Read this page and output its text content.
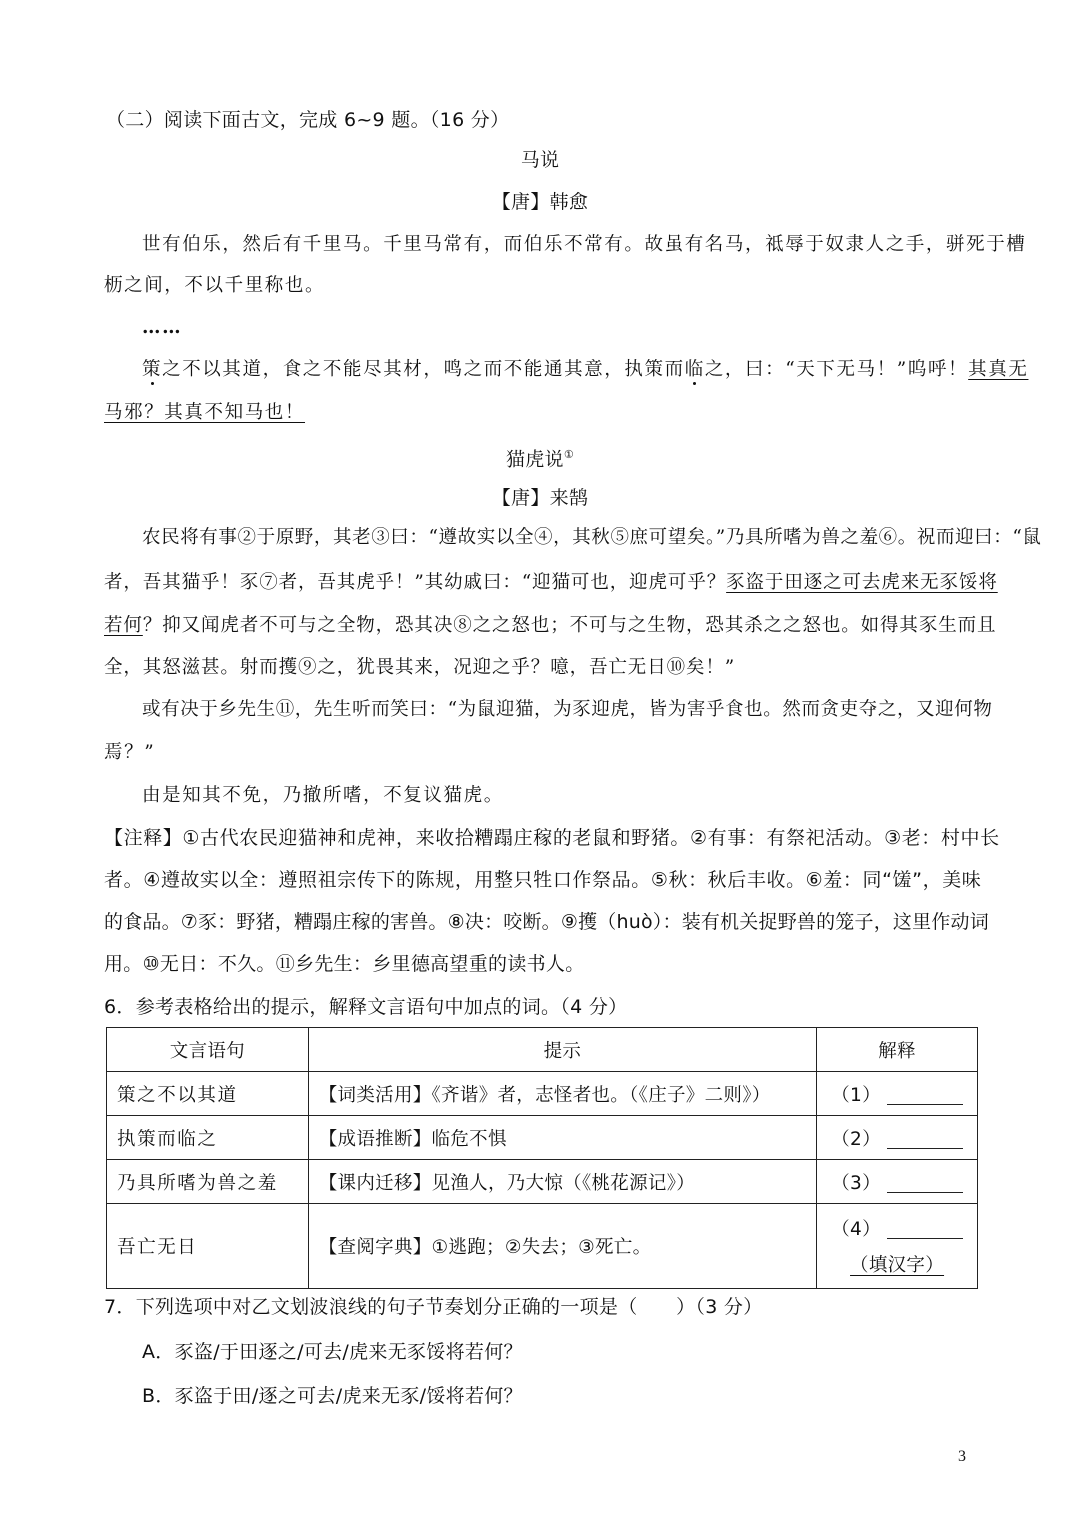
（二）阅读下面古文，完成 6~9 题。（16 分）
马说
【唐】韩愈
世有伯乐，然后有千里马。千里马常有，而伯乐不常有。故虽有名马，祗辱于奴隶人之手，骈死于槽
枥之间，不以千里称也。
……
策之不以其道，食之不能尽其材，鸣之而不能通其意，执策而临之，曰：“天下无马！”呜呼！其真无
马邪？其真不知马也！
猫虎说①
【唐】来鹄
农民将有事②于原野，其老③曰：“遵故实以全④，其秋⑤庶可望矣。”乃具所嗜为兽之羞⑥。祝而迎曰：“鼠
者，吾其猫乎！豕⑦者，吾其虎乎！”其幼戚曰：“迎猫可也，迎虎可乎？豕盗于田逐之可去虎来无豕馁将
若何？抑又闻虎者不可与之全物，恐其决⑧之之怒也；不可与之生物，恐其杀之之怒也。如得其豕生而且
全，其怒滋甚。射而擭⑨之，犹畏其来，况迎之乎？噫，吾亡无日⑩矣！”
或有决于乡先生⑪，先生听而笑曰：“为鼠迎猫，为豕迎虎，皆为害乎食也。然而贪吏夺之，又迎何物
焉？”
由是知其不免，乃撤所嗜，不复议猫虎。
【注释】①古代农民迎猫神和虎神，来收拾糟蹋庄稼的老鼠和野猪。②有事：有祭祀活动。③老：村中长
者。④遵故实以全：遵照祖宗传下的陈规，用整只牲口作祭品。⑤秋：秋后丰收。⑥羞：同“馐”，美味
的食品。⑦豕：野猪，糟蹋庄稼的害兽。⑧决：咬断。⑨擭（huò）：装有机关捉野兽的笼子，这里作动词
用。⑩无日：不久。⑪乡先生：乡里德高望重的读书人。
6．参考表格给出的提示，解释文言语句中加点的词。（4 分）
文言语句	提示	解释
策之不以其道	【词类活用】《齐谐》者，志怪者也。（《庄子》二则》）	（1）
执策而临之	【成语推断】临危不惧	（2）
乃具所嗜为兽之羞	【课内迁移】见渔人，乃大惊（《桃花源记》）	（3）
吾亡无日	【查阅字典】①逃跑；②失去；③死亡。	（4）
（填汉字）
7．下列选项中对乙文划波浪线的句子节奏划分正确的一项是（　　）（3 分）
A．豕盗/于田逐之/可去/虎来无豕馁将若何？
B．豕盗于田/逐之可去/虎来无豕/馁将若何？
3
